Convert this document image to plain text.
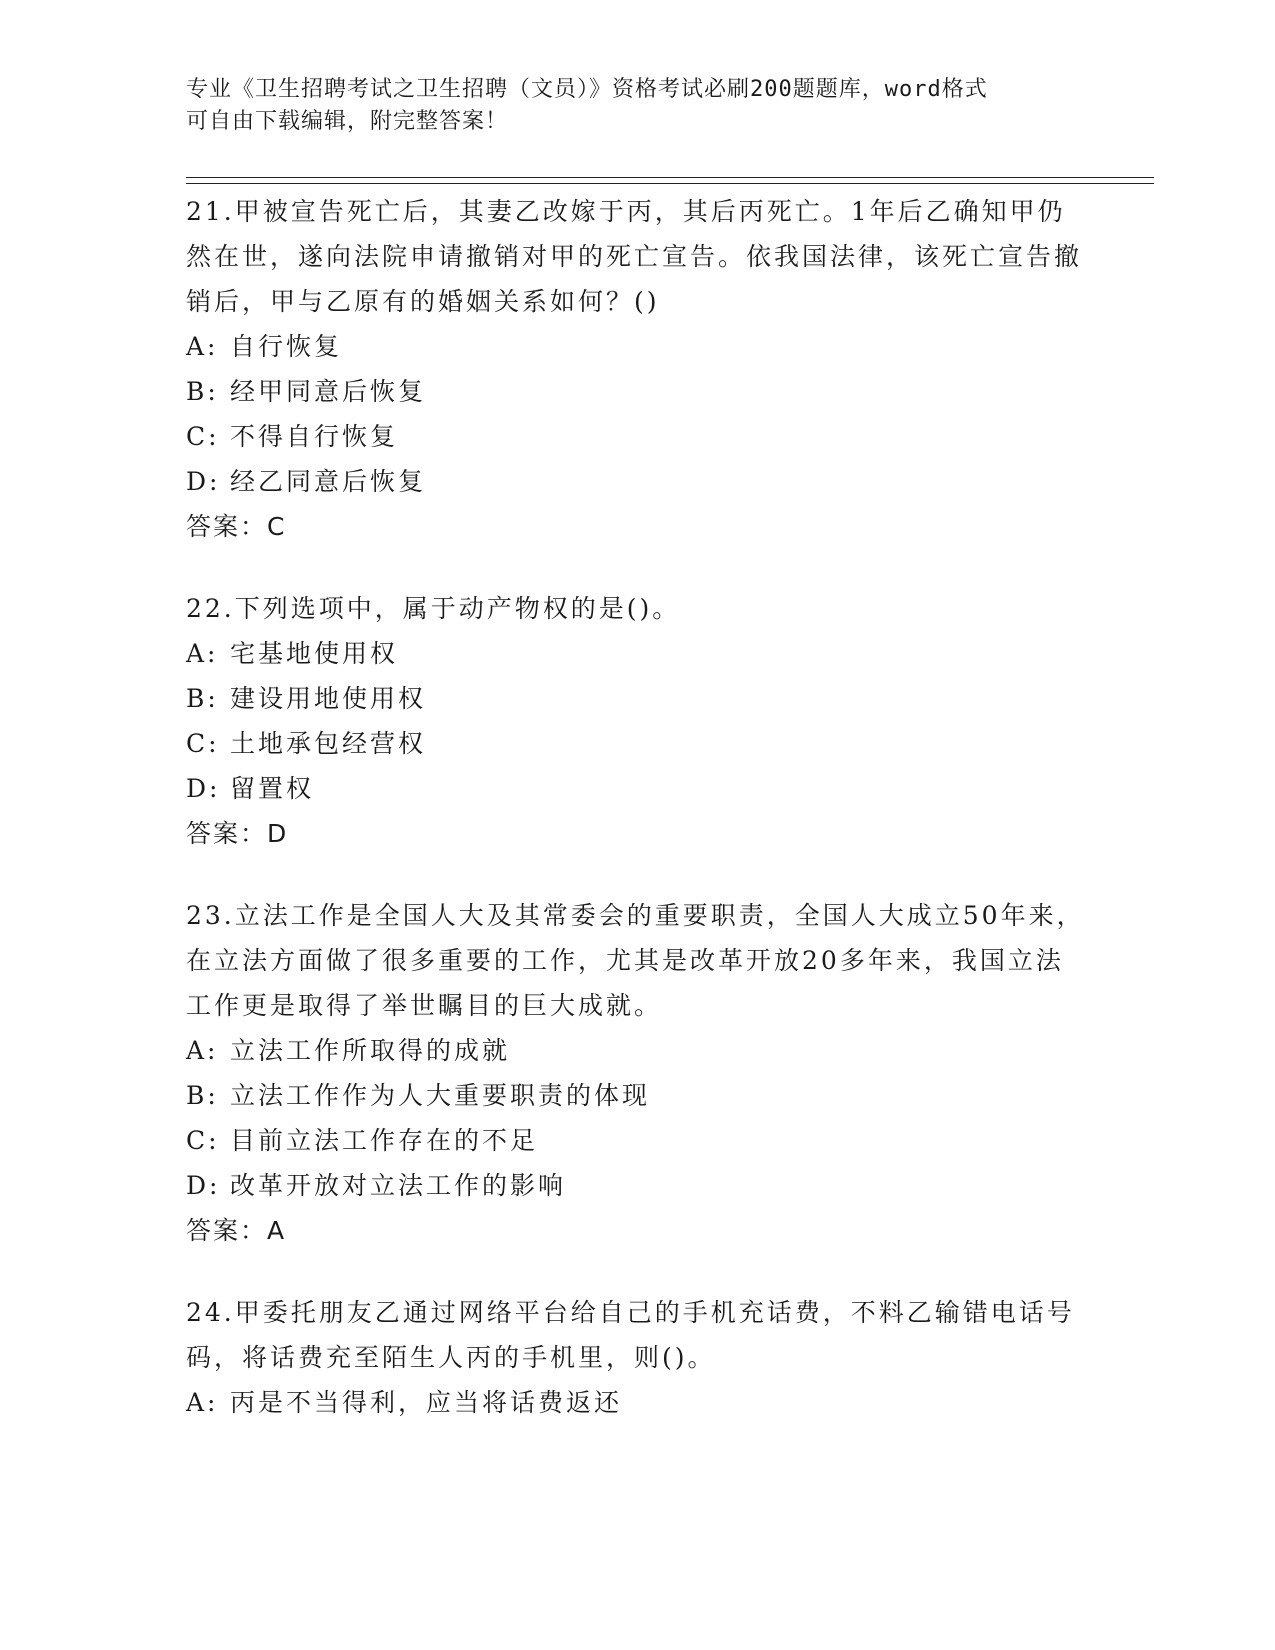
专业《卫生招聘考试之卫生招聘（文员）》资格考试必刷200题题库，word格式
可自由下载编辑，附完整答案！

21.甲被宣告死亡后，其妻乙改嫁于丙，其后丙死亡。1年后乙确知甲仍然在世，遂向法院申请撤销对甲的死亡宣告。依我国法律，该死亡宣告撤销后，甲与乙原有的婚姻关系如何？()

A: 自行恢复

B: 经甲同意后恢复

C: 不得自行恢复

D: 经乙同意后恢复

答案：C

22.下列选项中，属于动产物权的是()。

A: 宅基地使用权

B: 建设用地使用权

C: 土地承包经营权

D: 留置权

答案：D

23.立法工作是全国人大及其常委会的重要职责，全国人大成立50年来，在立法方面做了很多重要的工作，尤其是改革开放20多年来，我国立法工作更是取得了举世瞩目的巨大成就。

A: 立法工作所取得的成就

B: 立法工作作为人大重要职责的体现

C: 目前立法工作存在的不足

D: 改革开放对立法工作的影响

答案：A

24.甲委托朋友乙通过网络平台给自己的手机充话费，不料乙输错电话号码，将话费充至陌生人丙的手机里，则()。

A: 丙是不当得利，应当将话费返还
